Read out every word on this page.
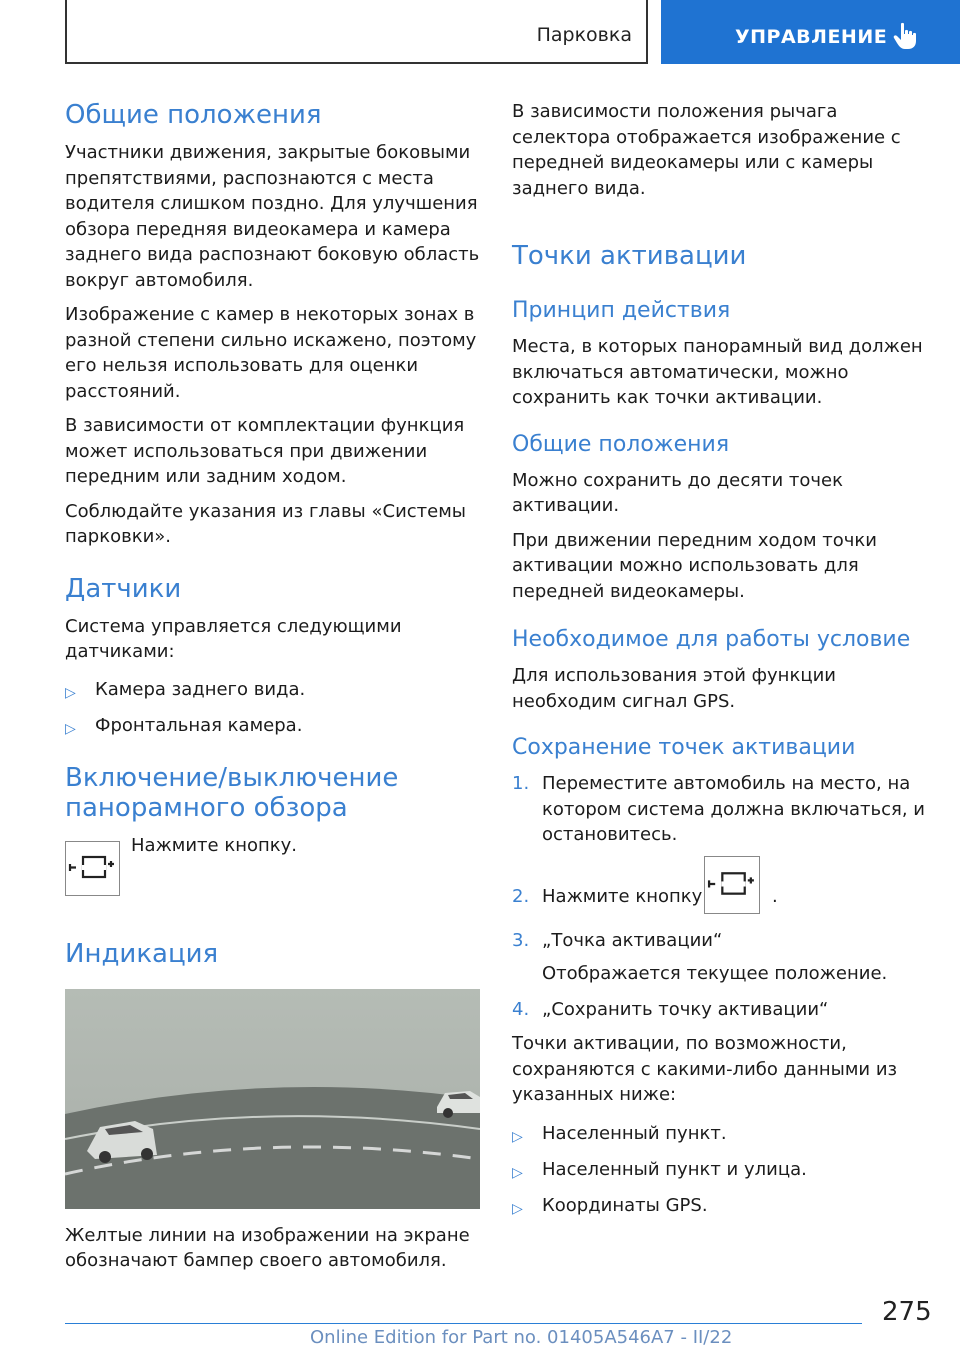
Парковка	УПРАВЛЕНИЕ
Общие положения

Участники движения, закрытые боковыми препятствиями, распознаются с места водителя слишком поздно. Для улучшения обзора передняя видеокамера и камера заднего вида распознают боковую область вокруг автомобиля.

Изображение с камер в некоторых зонах в разной степени сильно искажено, поэтому его нельзя использовать для оценки расстояний.

В зависимости от комплектации функция может использоваться при движении передним или задним ходом.

Соблюдайте указания из главы «Системы парковки».

Датчики

Система управляется следующими датчиками:

▷ Камера заднего вида.
▷ Фронтальная камера.
Включение/выключение панорамного обзора
Нажмите кнопку.
Индикация

Желтые линии на изображении на экране обозначают бампер своего автомобиля.

В зависимости положения рычага селектора отображается изображение с передней видеокамеры или с камеры заднего вида.

Точки активации
Принцип действия

Места, в которых панорамный вид должен включаться автоматически, можно сохранить как точки активации.

Общие положения

Можно сохранить до десяти точек активации.

При движении передним ходом точки активации можно использовать для передней видеокамеры.

Необходимое для работы условие

Для использования этой функции необходим сигнал GPS.

Сохранение точек активации
1. Переместите автомобиль на место, на котором система должна включаться, и остановитесь.
2. Нажмите кнопку	.
3. „Точка активации“
Отображается текущее положение.
4. „Сохранить точку активации“

Точки активации, по возможности, сохраняются с какими-либо данными из указанных ниже:

▷ Населенный пункт.
▷ Населенный пункт и улица.
▷ Координаты GPS.
275
Online Edition for Part no. 01405A546A7 - II/22
